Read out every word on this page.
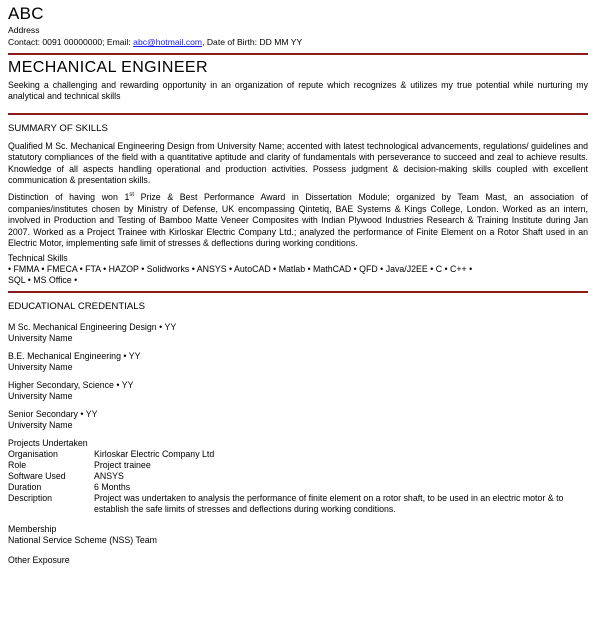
ABC
Address
Contact: 0091 00000000; Email: abc@hotmail.com, Date of Birth: DD MM YY
MECHANICAL ENGINEER

Seeking a challenging and rewarding opportunity in an organization of repute which recognizes & utilizes my true potential while nurturing my analytical and technical skills

SUMMARY OF SKILLS

Qualified M Sc. Mechanical Engineering Design from University Name; accented with latest technological advancements, regulations/ guidelines and statutory compliances of the field with a quantitative aptitude and clarity of fundamentals with perseverance to succeed and zeal to achieve results. Knowledge of all aspects handling operational and production activities. Possess judgment & decision-making skills coupled with excellent communication & presentation skills.

Distinction of having won 1st Prize & Best Performance Award in Dissertation Module; organized by Team Mast, an association of companies/institutes chosen by Ministry of Defense, UK encompassing Qintetiq, BAE Systems & Kings College, London. Worked as an intern, involved in Production and Testing of Bamboo Matte Veneer Composites with Indian Plywood Industries Research & Training Institute during Jan 2007. Worked as a Project Trainee with Kirloskar Electric Company Ltd.; analyzed the performance of Finite Element on a Rotor Shaft used in an Electric Motor, implementing safe limit of stresses & deflections during working conditions.

Technical Skills
• FMMA • FMECA • FTA • HAZOP • Solidworks • ANSYS • AutoCAD • Matlab • MathCAD • QFD • Java/J2EE • C • C++ •
SQL • MS Office •
EDUCATIONAL CREDENTIALS
M Sc. Mechanical Engineering Design • YY
University Name
B.E. Mechanical Engineering • YY
University Name
Higher Secondary, Science • YY
University Name
Senior Secondary • YY
University Name
Projects Undertaken
Organisation	Kirloskar Electric Company Ltd
Role	Project trainee
Software Used	ANSYS
Duration	6 Months
Description	Project was undertaken to analysis the performance of finite element on a rotor shaft, to be used in an electric motor & to establish the safe limits of stresses and deflections during working conditions.
Membership
National Service Scheme (NSS) Team
Other Exposure
